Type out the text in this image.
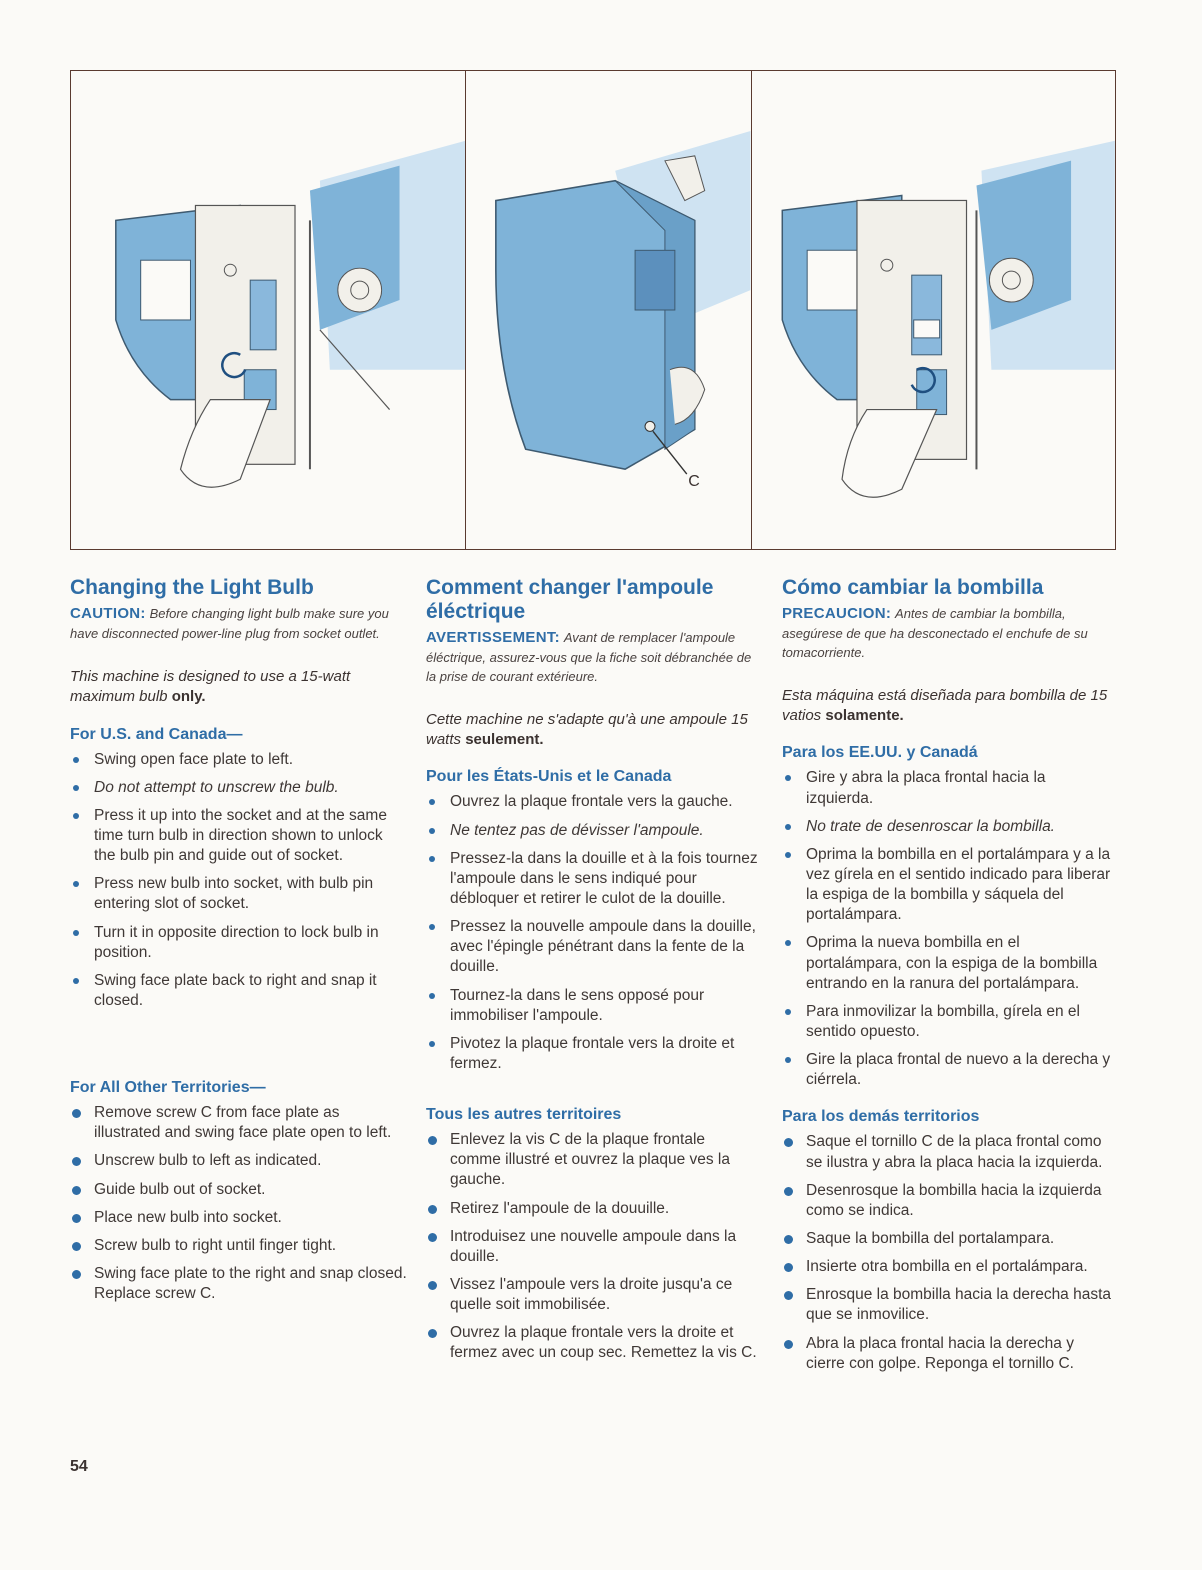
C
Changing the Light Bulb

CAUTION: Before changing light bulb make sure you have disconnected power-line plug from socket outlet.

This machine is designed to use a 15-watt maximum bulb only.

For U.S. and Canada—
Swing open face plate to left.
Do not attempt to unscrew the bulb.
Press it up into the socket and at the same time turn bulb in direction shown to unlock the bulb pin and guide out of socket.
Press new bulb into socket, with bulb pin entering slot of socket.
Turn it in opposite direction to lock bulb in position.
Swing face plate back to right and snap it closed.
For All Other Territories—
Remove screw C from face plate as illustrated and swing face plate open to left.
Unscrew bulb to left as indicated.
Guide bulb out of socket.
Place new bulb into socket.
Screw bulb to right until finger tight.
Swing face plate to the right and snap closed. Replace screw C.
Comment changer l'ampoule éléctrique

AVERTISSEMENT: Avant de remplacer l'ampoule éléctrique, assurez-vous que la fiche soit débranchée de la prise de courant extérieure.

Cette machine ne s'adapte qu'à une ampoule 15 watts seulement.

Pour les États-Unis et le Canada
Ouvrez la plaque frontale vers la gauche.
Ne tentez pas de dévisser l'ampoule.
Pressez-la dans la douille et à la fois tournez l'ampoule dans le sens indiqué pour débloquer et retirer le culot de la douille.
Pressez la nouvelle ampoule dans la douille, avec l'épingle pénétrant dans la fente de la douille.
Tournez-la dans le sens opposé pour immobiliser l'ampoule.
Pivotez la plaque frontale vers la droite et fermez.
Tous les autres territoires
Enlevez la vis C de la plaque frontale comme illustré et ouvrez la plaque ves la gauche.
Retirez l'ampoule de la douuille.
Introduisez une nouvelle ampoule dans la douille.
Vissez l'ampoule vers la droite jusqu'a ce quelle soit immobilisée.
Ouvrez la plaque frontale vers la droite et fermez avec un coup sec. Remettez la vis C.
Cómo cambiar la bombilla

PRECAUCION: Antes de cambiar la bombilla, asegúrese de que ha desconectado el enchufe de su tomacorriente.

Esta máquina está diseñada para bombilla de 15 vatios solamente.

Para los EE.UU. y Canadá
Gire y abra la placa frontal hacia la izquierda.
No trate de desenroscar la bombilla.
Oprima la bombilla en el portalámpara y a la vez gírela en el sentido indicado para liberar la espiga de la bombilla y sáquela del portalámpara.
Oprima la nueva bombilla en el portalámpara, con la espiga de la bombilla entrando en la ranura del portalámpara.
Para inmovilizar la bombilla, gírela en el sentido opuesto.
Gire la placa frontal de nuevo a la derecha y ciérrela.
Para los demás territorios
Saque el tornillo C de la placa frontal como se ilustra y abra la placa hacia la izquierda.
Desenrosque la bombilla hacia la izquierda como se indica.
Saque la bombilla del portalampara.
Insierte otra bombilla en el portalámpara.
Enrosque la bombilla hacia la derecha hasta que se inmovilice.
Abra la placa frontal hacia la derecha y cierre con golpe. Reponga el tornillo C.
54
